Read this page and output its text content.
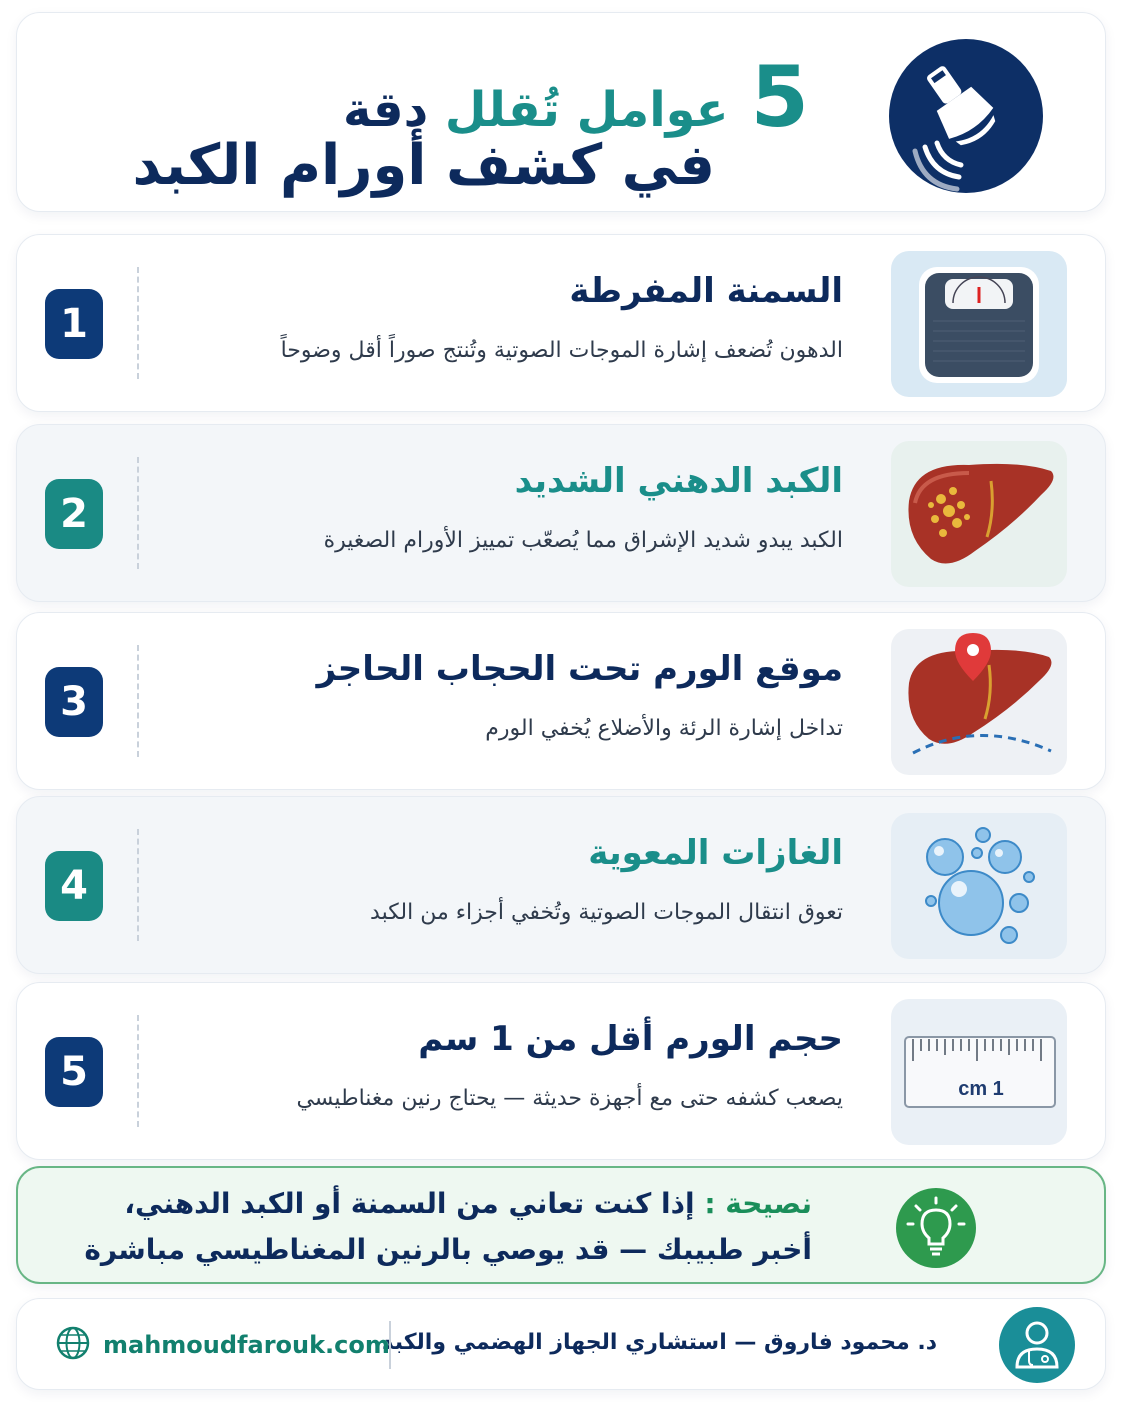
5
عوامل تُقلل دقة
في كشف أورام الكبد
السمنة المفرطة
الدهون تُضعف إشارة الموجات الصوتية وتُنتج صوراً أقل وضوحاً
1
الكبد الدهني الشديد
الكبد يبدو شديد الإشراق مما يُصعّب تمييز الأورام الصغيرة
2
موقع الورم تحت الحجاب الحاجز
تداخل إشارة الرئة والأضلاع يُخفي الورم
3
الغازات المعوية
تعوق انتقال الموجات الصوتية وتُخفي أجزاء من الكبد
4
1 cm
حجم الورم أقل من 1 سم
يصعب كشفه حتى مع أجهزة حديثة — يحتاج رنين مغناطيسي
5
نصيحة : إذا كنت تعاني من السمنة أو الكبد الدهني،
أخبر طبيبك — قد يوصي بالرنين المغناطيسي مباشرة
د. محمود فاروق — استشاري الجهاز الهضمي والكبد
mahmoudfarouk.com
